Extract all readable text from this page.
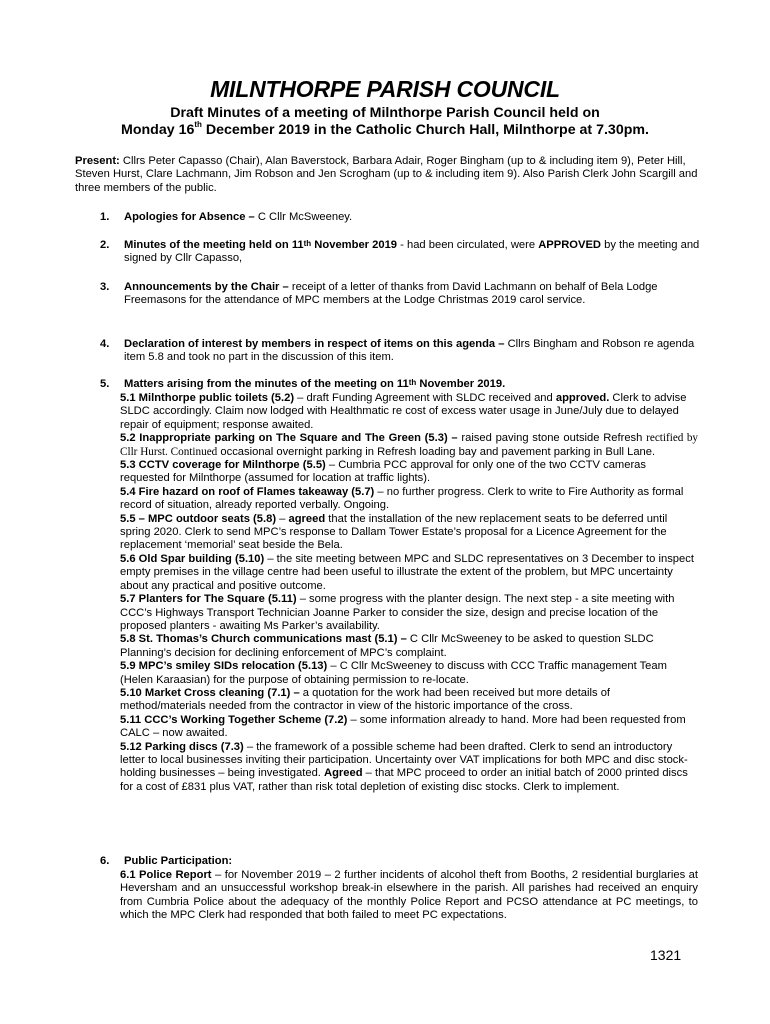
MILNTHORPE PARISH COUNCIL
Draft Minutes of a meeting of Milnthorpe Parish Council held on
Monday 16th December 2019 in the Catholic Church Hall, Milnthorpe at 7.30pm.
Present: Cllrs Peter Capasso (Chair), Alan Baverstock, Barbara Adair, Roger Bingham (up to & including item 9), Peter Hill, Steven Hurst, Clare Lachmann, Jim Robson and Jen Scrogham (up to & including item 9). Also Parish Clerk John Scargill and three members of the public.
1. Apologies for Absence – C Cllr McSweeney.
2. Minutes of the meeting held on 11th November 2019 - had been circulated, were APPROVED by the meeting and signed by Cllr Capasso,
3. Announcements by the Chair – receipt of a letter of thanks from David Lachmann on behalf of Bela Lodge Freemasons for the attendance of MPC members at the Lodge Christmas 2019 carol service.
4. Declaration of interest by members in respect of items on this agenda – Cllrs Bingham and Robson re agenda item 5.8 and took no part in the discussion of this item.
5. Matters arising from the minutes of the meeting on 11th November 2019.

5.1 Milnthorpe public toilets (5.2) – draft Funding Agreement with SLDC received and approved. Clerk to advise SLDC accordingly. Claim now lodged with Healthmatic re cost of excess water usage in June/July due to delayed repair of equipment; response awaited.

5.2 Inappropriate parking on The Square and The Green (5.3) – raised paving stone outside Refresh rectified by Cllr Hurst. Continued occasional overnight parking in Refresh loading bay and pavement parking in Bull Lane.

5.3 CCTV coverage for Milnthorpe (5.5) – Cumbria PCC approval for only one of the two CCTV cameras requested for Milnthorpe (assumed for location at traffic lights).

5.4 Fire hazard on roof of Flames takeaway (5.7) – no further progress. Clerk to write to Fire Authority as formal record of situation, already reported verbally. Ongoing.

5.5 – MPC outdoor seats (5.8) – agreed that the installation of the new replacement seats to be deferred until spring 2020. Clerk to send MPC’s response to Dallam Tower Estate’s proposal for a Licence Agreement for the replacement ‘memorial’ seat beside the Bela.

5.6 Old Spar building (5.10) – the site meeting between MPC and SLDC representatives on 3 December to inspect empty premises in the village centre had been useful to illustrate the extent of the problem, but MPC uncertainty about any practical and positive outcome.

5.7 Planters for The Square (5.11) – some progress with the planter design. The next step - a site meeting with CCC’s Highways Transport Technician Joanne Parker to consider the size, design and precise location of the proposed planters - awaiting Ms Parker’s availability.

5.8 St. Thomas’s Church communications mast (5.1) – C Cllr McSweeney to be asked to question SLDC Planning’s decision for declining enforcement of MPC’s complaint.

5.9 MPC’s smiley SIDs relocation (5.13) – C Cllr McSweeney to discuss with CCC Traffic management Team (Helen Karaasian) for the purpose of obtaining permission to re-locate.

5.10 Market Cross cleaning (7.1) – a quotation for the work had been received but more details of method/materials needed from the contractor in view of the historic importance of the cross.

5.11 CCC’s Working Together Scheme (7.2) – some information already to hand. More had been requested from CALC – now awaited.

5.12 Parking discs (7.3) – the framework of a possible scheme had been drafted. Clerk to send an introductory letter to local businesses inviting their participation. Uncertainty over VAT implications for both MPC and disc stock-holding businesses – being investigated. Agreed – that MPC proceed to order an initial batch of 2000 printed discs for a cost of £831 plus VAT, rather than risk total depletion of existing disc stocks. Clerk to implement.

6. Public Participation:

6.1 Police Report – for November 2019 – 2 further incidents of alcohol theft from Booths, 2 residential burglaries at Heversham and an unsuccessful workshop break-in elsewhere in the parish. All parishes had received an enquiry from Cumbria Police about the adequacy of the monthly Police Report and PCSO attendance at PC meetings, to which the MPC Clerk had responded that both failed to meet PC expectations.

1321
